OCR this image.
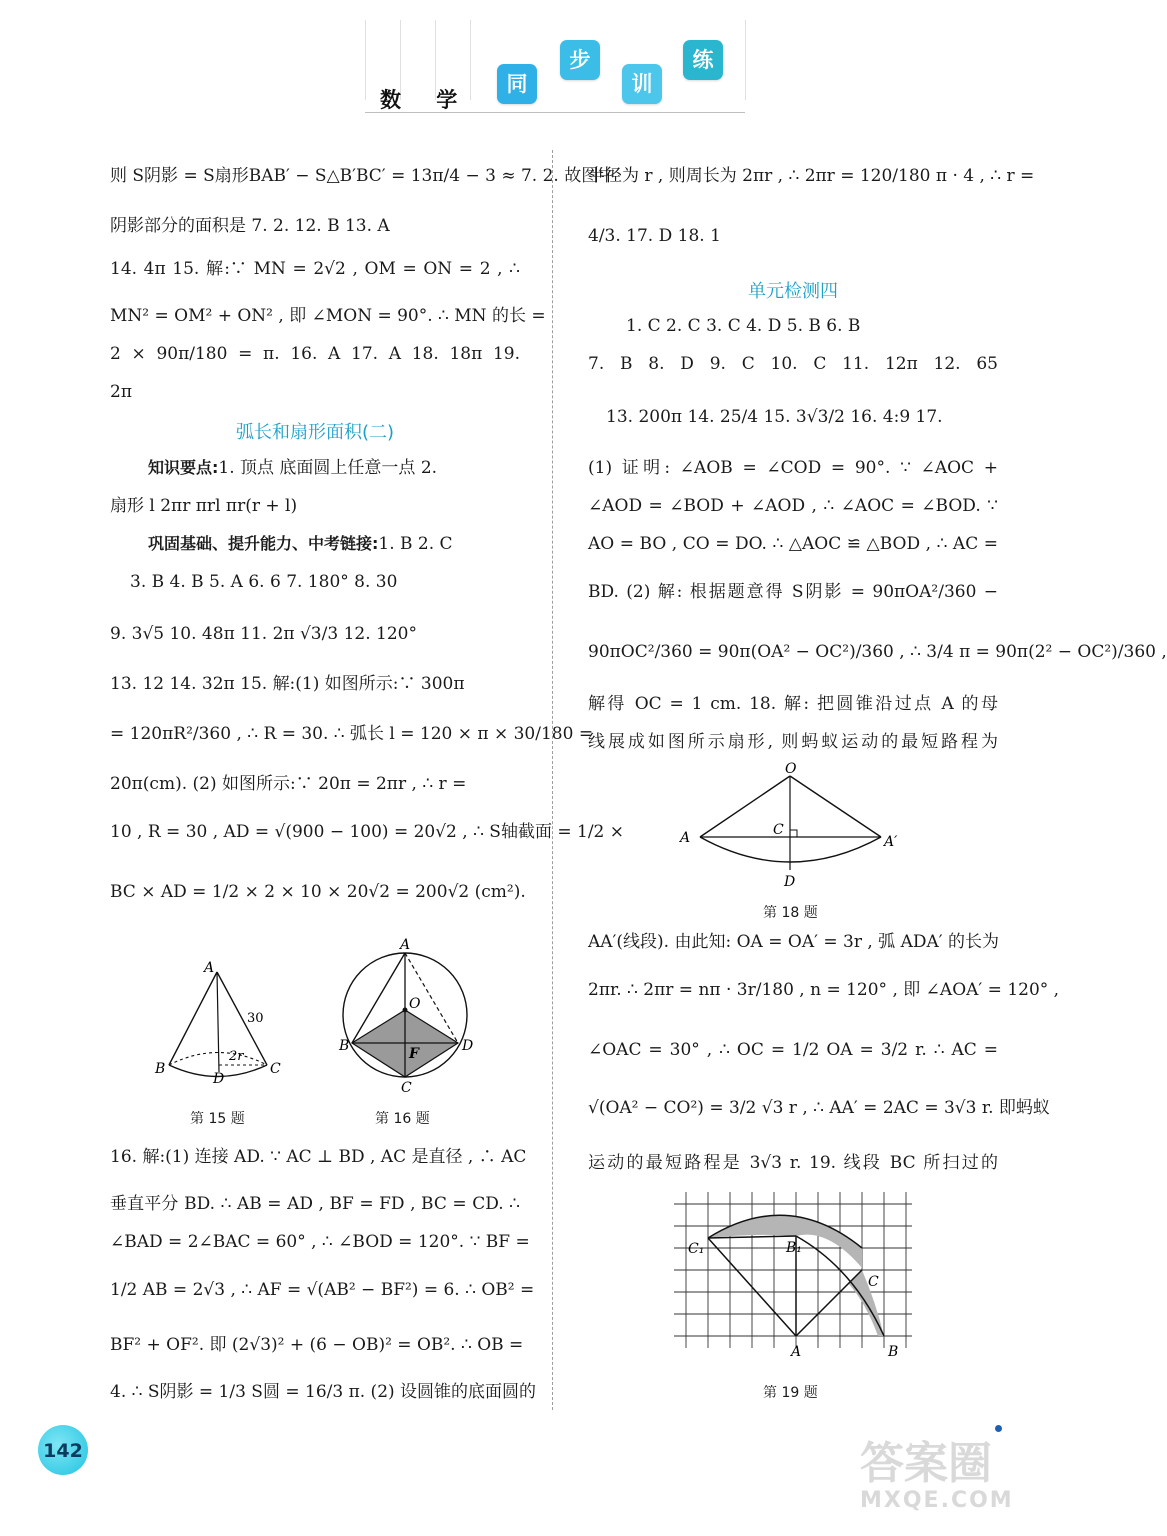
数 学
同
步
训
练
则 S阴影 = S扇形BAB′ − S△B′BC′ = 13π/4 − 3 ≈ 7. 2. 故图中
阴影部分的面积是 7. 2. 12. B 13. A
14. 4π 15. 解:∵ MN = 2√2 , OM = ON = 2 , ∴
MN² = OM² + ON² , 即 ∠MON = 90°. ∴ MN 的长 =
2 × 90π/180 = π. 16. A 17. A 18. 18π 19.
2π
弧长和扇形面积(二)
知识要点:1. 顶点 底面圆上任意一点 2.
扇形 l 2πr πrl πr(r + l)
巩固基础、提升能力、中考链接:1. B 2. C
3. B 4. B 5. A 6. 6 7. 180° 8. 30
9. 3√5 10. 48π 11. 2π √3/3 12. 120°
13. 12 14. 32π 15. 解:(1) 如图所示:∵ 300π
= 120πR²/360 , ∴ R = 30. ∴ 弧长 l = 120 × π × 30/180 =
20π(cm). (2) 如图所示:∵ 20π = 2πr , ∴ r =
10 , R = 30 , AD = √(900 − 100) = 20√2 , ∴ S轴截面 = 1/2 ×
BC × AD = 1/2 × 2 × 10 × 20√2 = 200√2 (cm²).
A
B	C
D
30
2r
第 15 题
A
B	D
C
O
F
第 16 题
16. 解:(1) 连接 AD. ∵ AC ⊥ BD , AC 是直径 , ∴ AC
垂直平分 BD. ∴ AB = AD , BF = FD , BC = CD. ∴
∠BAD = 2∠BAC = 60° , ∴ ∠BOD = 120°. ∵ BF =
1/2 AB = 2√3 , ∴ AF = √(AB² − BF²) = 6. ∴ OB² =
BF² + OF². 即 (2√3)² + (6 − OB)² = OB². ∴ OB =
4. ∴ S阴影 = 1/3 S圆 = 16/3 π. (2) 设圆锥的底面圆的
半径为 r , 则周长为 2πr , ∴ 2πr = 120/180 π · 4 , ∴ r =
4/3. 17. D 18. 1
单元检测四
1. C 2. C 3. C 4. D 5. B 6. B
7. B 8. D 9. C 10. C 11. 12π 12. 65
13. 200π 14. 25/4 15. 3√3/2 16. 4:9 17.
(1) 证明: ∠AOB = ∠COD = 90°. ∵ ∠AOC +
∠AOD = ∠BOD + ∠AOD , ∴ ∠AOC = ∠BOD. ∵
AO = BO , CO = DO. ∴ △AOC ≌ △BOD , ∴ AC =
BD. (2) 解: 根据题意得 S阴影 = 90πOA²/360 −
90πOC²/360 = 90π(OA² − OC²)/360 , ∴ 3/4 π = 90π(2² − OC²)/360 ,
解得 OC = 1 cm. 18. 解: 把圆锥沿过点 A 的母
线展成如图所示扇形, 则蚂蚁运动的最短路程为
O
A	A′
C
D
第 18 题
AA′(线段). 由此知: OA = OA′ = 3r , 弧 ADA′ 的长为
2πr. ∴ 2πr = nπ · 3r/180 , n = 120° , 即 ∠AOA′ = 120° ,
∠OAC = 30° , ∴ OC = 1/2 OA = 3/2 r. ∴ AC =
√(OA² − CO²) = 3/2 √3 r , ∴ AA′ = 2AC = 3√3 r. 即蚂蚁
运动的最短路程是 3√3 r. 19. 线段 BC 所扫过的
C₁	B₁
C
A	B
第 19 题
142	答案圈
MXQE.COM
